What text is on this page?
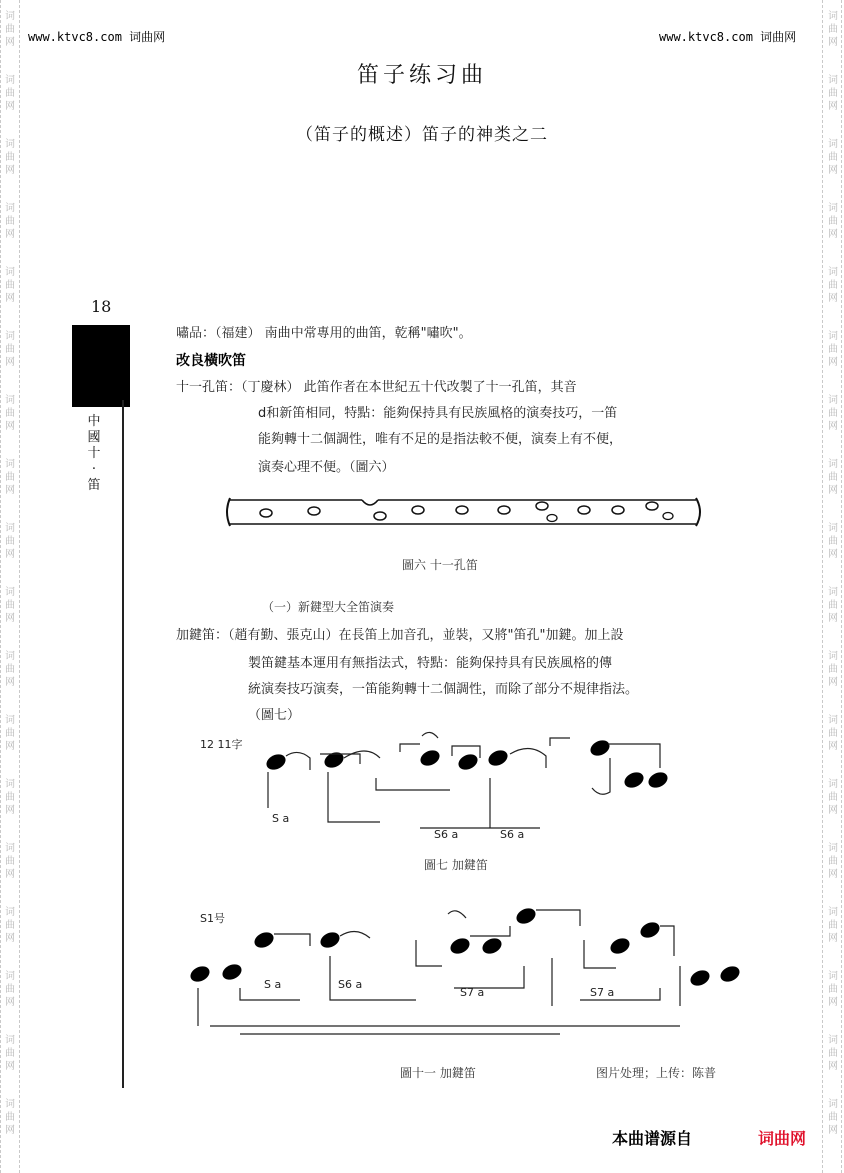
词
曲
网
词
曲
网
词
曲
网
词
曲
网
词
曲
网
词
曲
网
词
曲
网
词
曲
网
词
曲
网
词
曲
网
词
曲
网
词
曲
网
词
曲
网
词
曲
网
词
曲
网
词
曲
网
词
曲
网
词
曲
网
词
曲
网
词
曲
网
词
曲
网
词
曲
网
词
曲
网
词
曲
网
词
曲
网
词
曲
网
词
曲
网
词
曲
网
词
曲
网
词
曲
网
词
曲
网
词
曲
网
词
曲
网
词
曲
网
词
曲
网
词
曲
网
www.ktvc8.com 词曲网	www.ktvc8.com 词曲网
笛子练习曲
（笛子的概述）笛子的神类之二
18
中國十·笛
嘯品：（福建） 南曲中常專用的曲笛，乾稱"嘯吹"。
改良橫吹笛
十一孔笛：（丁慶林） 此笛作者在本世紀五十代改製了十一孔笛，其音
d和新笛相同，特點：能夠保持具有民族風格的演奏技巧，一笛
能夠轉十二個調性，唯有不足的是指法較不便，演奏上有不便，
演奏心理不便。（圖六）
圖六 十一孔笛
（一）新鍵型大全笛演奏
加鍵笛：（趙有勤、張克山）在長笛上加音孔，並裝，又將"笛孔"加鍵。加上設
製笛鍵基本運用有無指法式，特點：能夠保持具有民族風格的傳
統演奏技巧演奏，一笛能夠轉十二個調性，而除了部分不規律指法。
（圖七）
12 11字
S a
S6 a	S6 a
圖七 加鍵笛
S1号
S a	S6 a
S7 a	S7 a
圖十一 加鍵笛	图片处理；上传：陈普
本曲谱源自	词曲网
